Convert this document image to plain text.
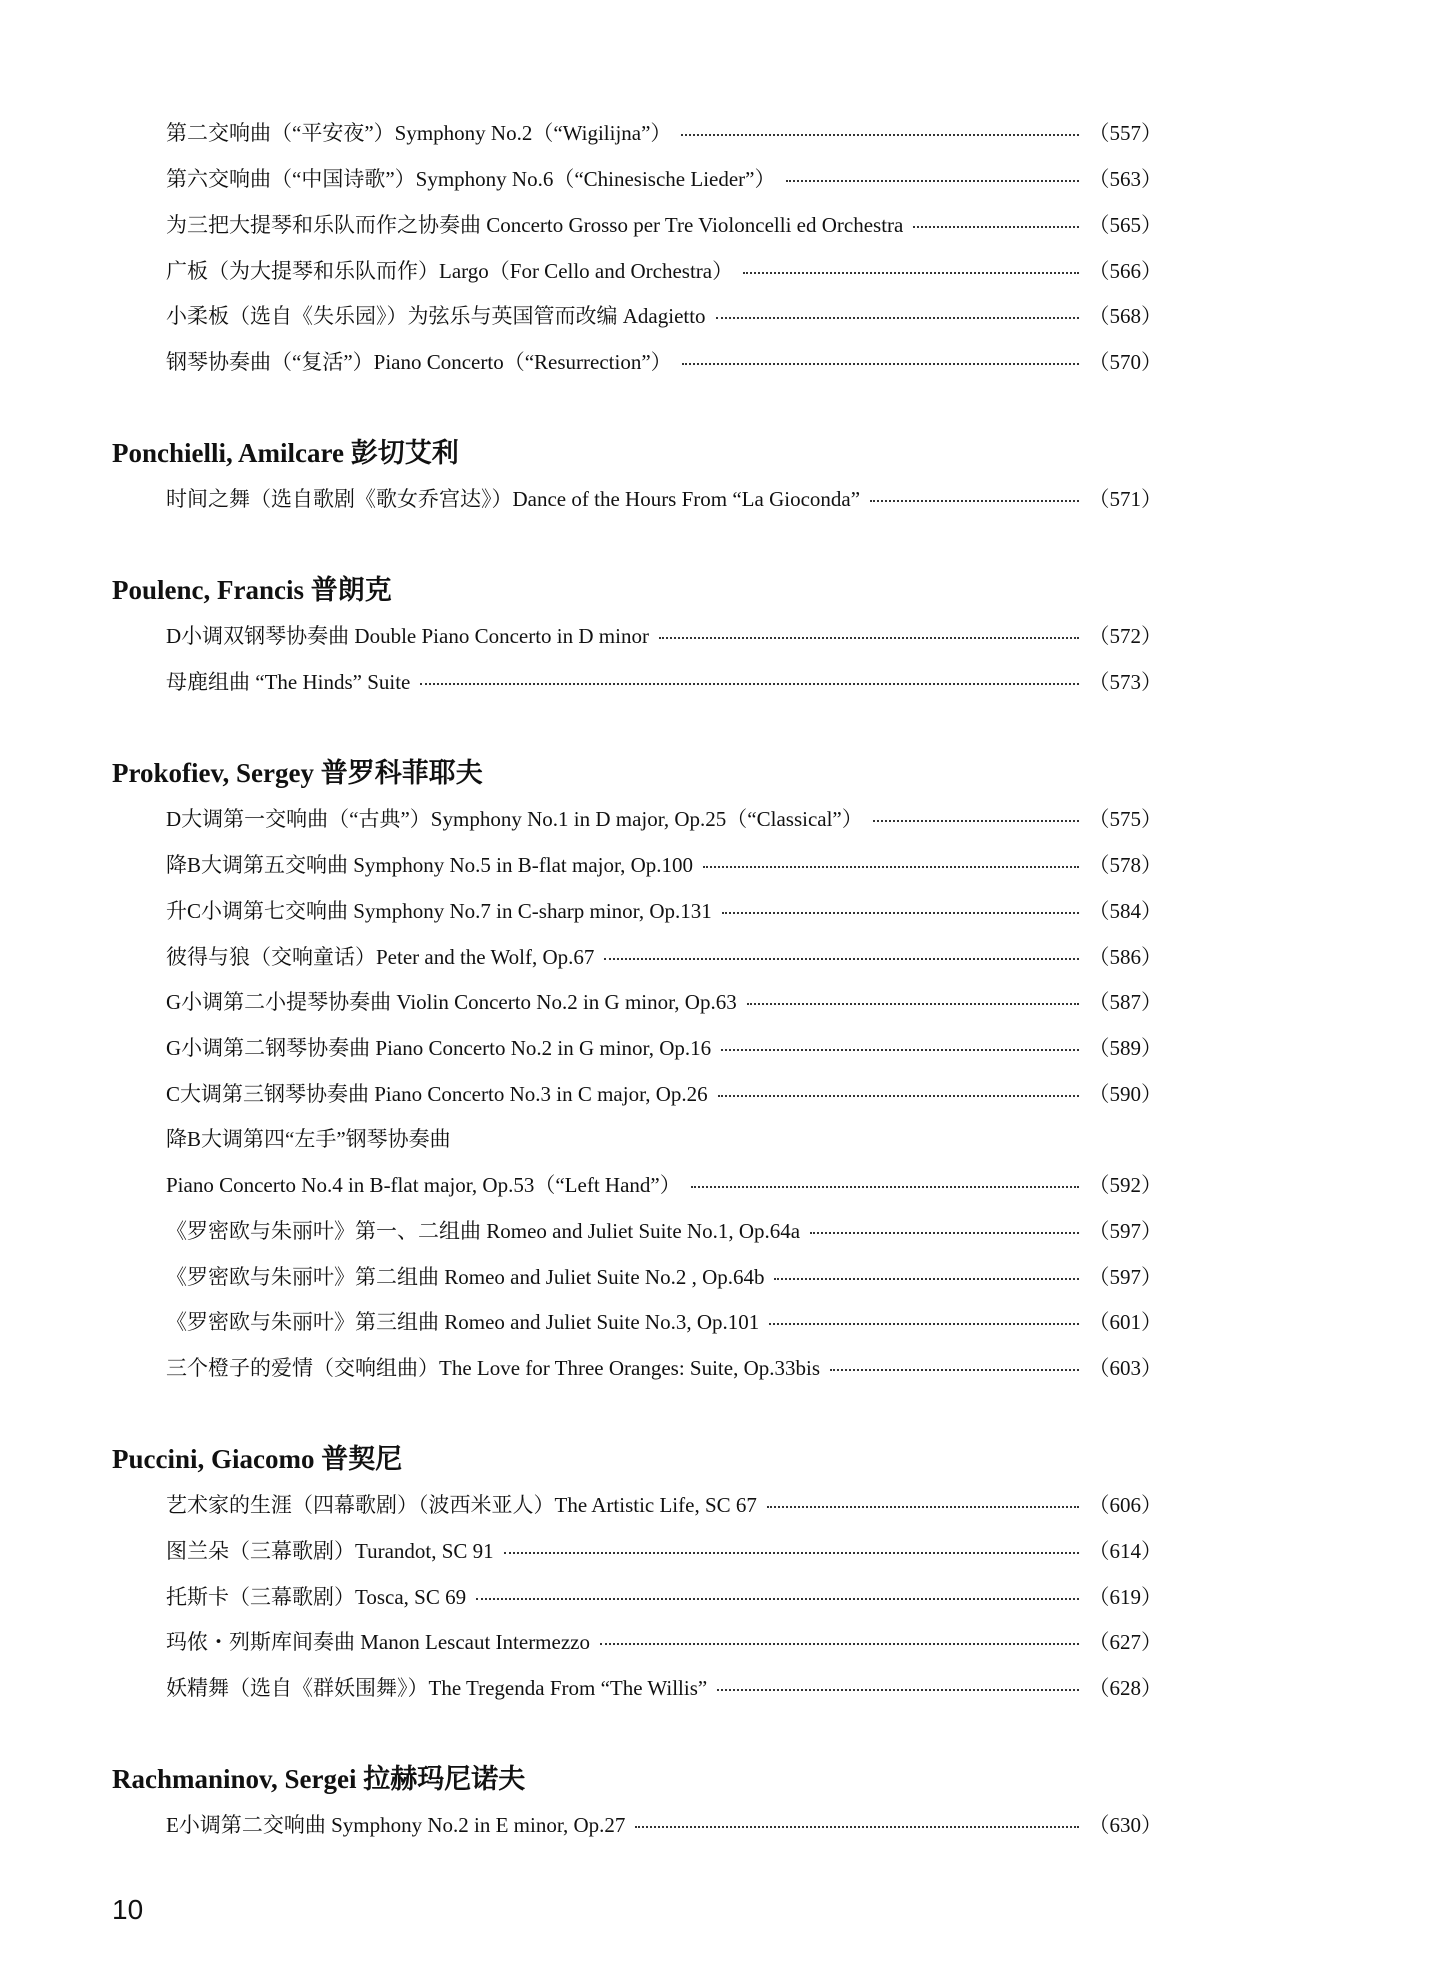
第二交响曲（“平安夜”）Symphony No.2（“Wigilijna”）	（557）
第六交响曲（“中国诗歌”）Symphony No.6（“Chinesische Lieder”）	（563）
为三把大提琴和乐队而作之协奏曲 Concerto Grosso per Tre Violoncelli ed Orchestra	（565）
广板（为大提琴和乐队而作）Largo（For Cello and Orchestra）	（566）
小柔板（选自《失乐园》）为弦乐与英国管而改编 Adagietto	（568）
钢琴协奏曲（“复活”）Piano Concerto（“Resurrection”）	（570）
Ponchielli, Amilcare 彭切艾利
时间之舞（选自歌剧《歌女乔宫达》）Dance of the Hours From “La Gioconda”	（571）
Poulenc, Francis 普朗克
D小调双钢琴协奏曲 Double Piano Concerto in D minor	（572）
母鹿组曲 “The Hinds” Suite	（573）
Prokofiev, Sergey 普罗科菲耶夫
D大调第一交响曲（“古典”）Symphony No.1 in D major, Op.25（“Classical”）	（575）
降B大调第五交响曲 Symphony No.5 in B-flat major, Op.100	（578）
升C小调第七交响曲 Symphony No.7 in C-sharp minor, Op.131	（584）
彼得与狼（交响童话）Peter and the Wolf, Op.67	（586）
G小调第二小提琴协奏曲 Violin Concerto No.2 in G minor, Op.63	（587）
G小调第二钢琴协奏曲 Piano Concerto No.2 in G minor, Op.16	（589）
C大调第三钢琴协奏曲 Piano Concerto No.3 in C major, Op.26	（590）
降B大调第四“左手”钢琴协奏曲
Piano Concerto No.4 in B-flat major, Op.53（“Left Hand”）	（592）
《罗密欧与朱丽叶》第一、二组曲 Romeo and Juliet Suite No.1, Op.64a	（597）
《罗密欧与朱丽叶》第二组曲 Romeo and Juliet Suite No.2 , Op.64b	（597）
《罗密欧与朱丽叶》第三组曲 Romeo and Juliet Suite No.3, Op.101	（601）
三个橙子的爱情（交响组曲）The Love for Three Oranges: Suite, Op.33bis	（603）
Puccini, Giacomo 普契尼
艺术家的生涯（四幕歌剧）（波西米亚人）The Artistic Life, SC 67	（606）
图兰朵（三幕歌剧）Turandot, SC 91	（614）
托斯卡（三幕歌剧）Tosca, SC 69	（619）
玛侬・列斯库间奏曲 Manon Lescaut Intermezzo	（627）
妖精舞（选自《群妖围舞》）The Tregenda From “The Willis”	（628）
Rachmaninov, Sergei 拉赫玛尼诺夫
E小调第二交响曲 Symphony No.2 in E minor, Op.27	（630）
10
